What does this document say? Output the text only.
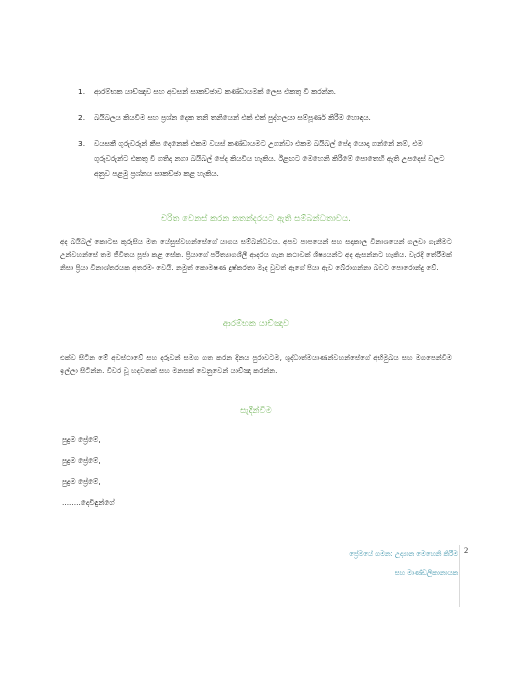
1. ආරම්භක යාච්ඤාව සහ අවසන් සාකච්ඡාව කණ්ඩායමක් ලෙස එකතු වී කරන්න.
2. බයිබලය කියවීම සහ ප්‍රශ්න දෙක තනි තනියෙන් එක් එක් පුද්ගලයා සම්පූර්ණ කිරීම හොඳය.
3. වයසකී ගුරුවරුන් කීප දෙනෙක් එකම වයස් කණ්ඩායමට උගන්වා එකම බයිබල් පේද යොදා ගන්නේ නම්, එම ගුරුවරුන්ට එකතු වී ගතිද නගා බයිබල් පේද කියවිය හැකිය. ඊළඟට මෙහෙනි කිරීමේ පොතෙහි ඇති උපදෙස් වලට අනුව පළමු ප්‍රශ්නය සාකච්ඡා කළ හැකිය.
චරිත වෙනස් කරන නතන්දරයට ඇති සම්බන්ධතාවය.
අද බයිබල් කොටස කුරුසිය මත යේසුස්වහන්සේගේ යාගය සම්බන්ධවය. අපව පාපයෙන් සහ සදාකාල විනාශයෙන් ගලවා ගැනීමට උන්වහන්සේ තම ජීවිතය පූජා කළ සේක. ප්‍රියාගේ පරිත්‍යාගශීලී ආදරය ගැන කථාවක් ශිෂ්‍යයන්ට අද ඇසන්නට හැකිය. වැරදි තේරීමක් නිසා ප්‍රියා විනාශ්තරයක අතරමං වෙයි. නමුත් කොමෂණ දුෂ්කරතා මැද වුවත් ඇගේ පියා ඇව බේරාගන්නා බවට පොරොන්දු වේ.
ආරම්භක යාච්ඤාව
එක්ව සිටින මේ අවස්ථාවේ සහ දරුවන් සමග ගත කරන දිනය පුරාවටම, ශුද්ධාත්මයාණන්වහන්සේගේ අභිමුඛය සහ මගපෙන්වීම ඉල්ලා සිටින්න. විවර වූ හදවතක් සහ මනසක් වෙනුවෙන් යාච්ඤා කරන්න.
සැදීන්වීම
පුදුම ප්‍රේමේ,
පුදුම ප්‍රේමේ,
පුදුම ප්‍රේමේ,
........දෙවිඳුන්ගේ
ප්‍රේමයේ ගමන: උද්‍යාන මෙහෙනි කිරීම
සහ මාණ්ඩලිකානායක
2
